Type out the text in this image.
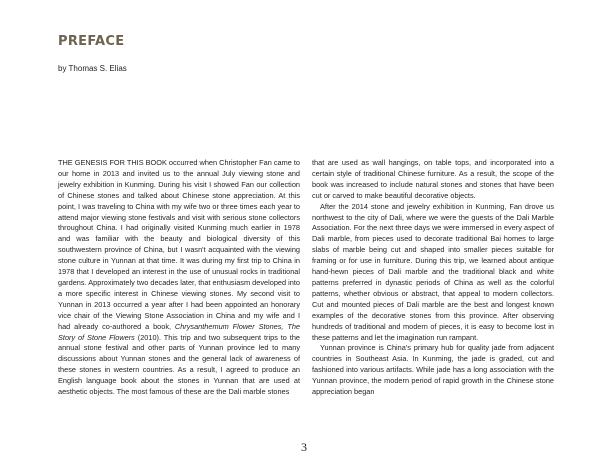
PREFACE

by Thomas S. Elias

THE GENESIS FOR THIS BOOK occurred when Christopher Fan came to our home in 2013 and invited us to the annual July viewing stone and jewelry exhibition in Kunming. During his visit I showed Fan our collection of Chinese stones and talked about Chinese stone appreciation. At this point, I was traveling to China with my wife two or three times each year to attend major viewing stone festivals and visit with serious stone collectors throughout China. I had originally visited Kunming much earlier in 1978 and was familiar with the beauty and biological diversity of this southwestern province of China, but I wasn't acquainted with the viewing stone culture in Yunnan at that time. It was during my first trip to China in 1978 that I developed an interest in the use of unusual rocks in traditional gardens. Approximately two decades later, that enthusiasm developed into a more specific interest in Chinese viewing stones. My second visit to Yunnan in 2013 occurred a year after I had been appointed an honorary vice chair of the Viewing Stone Association in China and my wife and I had already co-authored a book, Chrysanthemum Flower Stones, The Story of Stone Flowers (2010). This trip and two subsequent trips to the annual stone festival and other parts of Yunnan province led to many discussions about Yunnan stones and the general lack of awareness of these stones in western countries. As a result, I agreed to produce an English language book about the stones in Yunnan that are used at aesthetic objects. The most famous of these are the Dali marble stones

that are used as wall hangings, on table tops, and incorporated into a certain style of traditional Chinese furniture. As a result, the scope of the book was increased to include natural stones and stones that have been cut or carved to make beautiful decorative objects.

After the 2014 stone and jewelry exhibition in Kunming, Fan drove us northwest to the city of Dali, where we were the guests of the Dali Marble Association. For the next three days we were immersed in every aspect of Dali marble, from pieces used to decorate traditional Bai homes to large slabs of marble being cut and shaped into smaller pieces suitable for framing or for use in furniture. During this trip, we learned about antique hand-hewn pieces of Dali marble and the traditional black and white patterns preferred in dynastic periods of China as well as the colorful patterns, whether obvious or abstract, that appeal to modern collectors. Cut and mounted pieces of Dali marble are the best and longest known examples of the decorative stones from this province. After observing hundreds of traditional and modern of pieces, it is easy to become lost in these patterns and let the imagination run rampant.

Yunnan province is China's primary hub for quality jade from adjacent countries in Southeast Asia. In Kunming, the jade is graded, cut and fashioned into various artifacts. While jade has a long association with the Yunnan province, the modern period of rapid growth in the Chinese stone appreciation began

3
